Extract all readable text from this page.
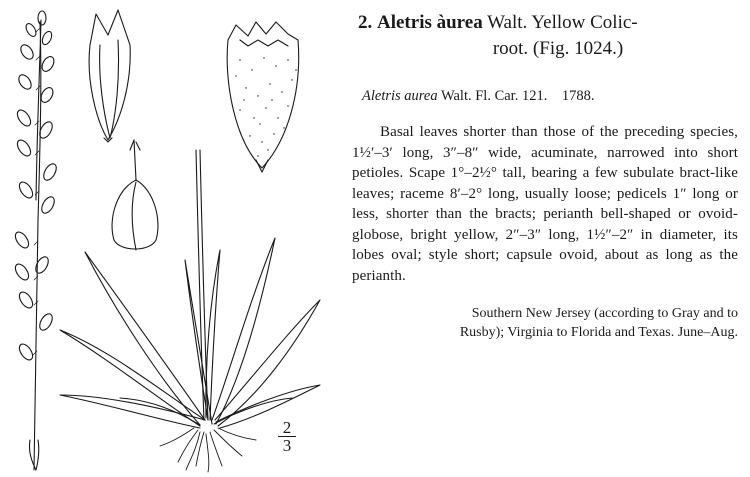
2
3

2. Aletris àurea Walt. Yellow Colic-
root. (Fig. 1024.)

Aletris aurea Walt. Fl. Car. 121. 1788.

Basal leaves shorter than those of the preceding species, 1½′–3′ long, 3″–8″ wide, acuminate, narrowed into short petioles. Scape 1°–2½° tall, bearing a few subulate bract-like leaves; raceme 8′–2° long, usually loose; pedicels 1″ long or less, shorter than the bracts; perianth bell-shaped or ovoid-globose, bright yellow, 2″–3″ long, 1½″–2″ in diameter, its lobes oval; style short; capsule ovoid, about as long as the perianth.

Southern New Jersey (according to Gray and to
Rusby); Virginia to Florida and Texas. June–Aug.
